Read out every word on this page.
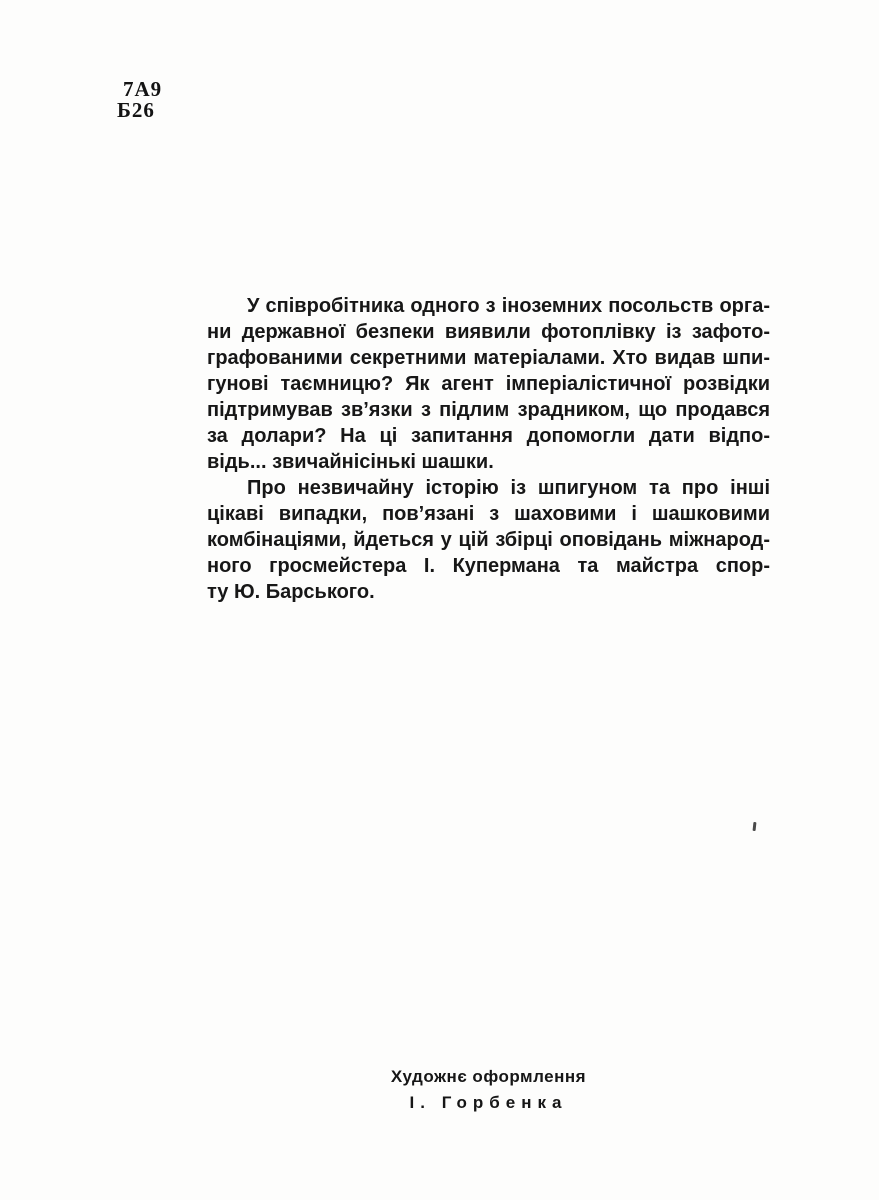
7А9
Б26
У співробітника одного з іноземних посольств орга-
ни державної безпеки виявили фотоплівку із зафото-
графованими секретними матеріалами. Хто видав шпи-
гунові таємницю? Як агент імперіалістичної розвідки
підтримував зв’язки з підлим зрадником, що продався
за долари? На ці запитання допомогли дати відпо-
відь... звичайнісінькі шашки.
Про незвичайну історію із шпигуном та про інші
цікаві випадки, пов’язані з шаховими і шашковими
комбінаціями, йдеться у цій збірці оповідань міжнарод-
ного гросмейстера І. Купермана та майстра спор-
ту Ю. Барського.
Художнє оформлення
І. Горбенка
